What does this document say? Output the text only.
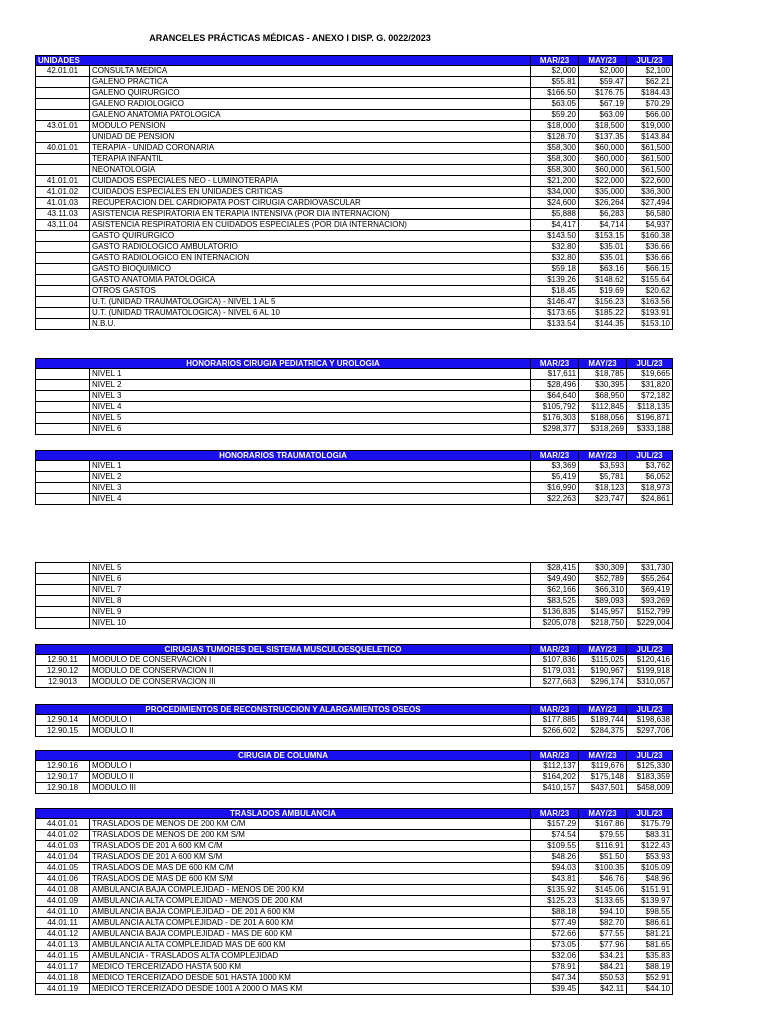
ARANCELES PRÁCTICAS MÉDICAS - ANEXO I DISP. G. 0022/2023
UNIDADES		MAR/23	MAY/23	JUL/23
42.01.01	CONSULTA MEDICA	$2,000	$2,000	$2,100
	GALENO PRACTICA	$55.81	$59.47	$62.21
	GALENO QUIRURGICO	$166.50	$176.75	$184.43
	GALENO RADIOLOGICO	$63.05	$67.19	$70.29
	GALENO ANATOMIA PATOLOGICA	$59.20	$63.09	$66.00
43.01.01	MODULO PENSION	$18,000	$18,500	$19,000
	UNIDAD DE PENSION	$128.70	$137.35	$143.84
40.01.01	TERAPIA - UNIDAD CORONARIA	$58,300	$60,000	$61,500
	TERAPIA INFANTIL	$58,300	$60,000	$61,500
	NEONATOLOGIA	$58,300	$60,000	$61,500
41.01.01	CUIDADOS ESPECIALES NEO - LUMINOTERAPIA	$21,200	$22,000	$22,600
41.01.02	CUIDADOS ESPECIALES EN UNIDADES CRITICAS	$34,000	$35,000	$36,300
41.01.03	RECUPERACION DEL CARDIOPATA POST CIRUGIA CARDIOVASCULAR	$24,600	$26,264	$27,494
43.11.03	ASISTENCIA RESPIRATORIA EN TERAPIA INTENSIVA (POR DIA INTERNACION)	$5,888	$6,283	$6,580
43.11.04	ASISTENCIA RESPIRATORIA EN CUIDADOS ESPECIALES (POR DIA INTERNACION)	$4,417	$4,714	$4,937
	GASTO QUIRURGICO	$143.50	$153.15	$160.38
	GASTO RADIOLOGICO AMBULATORIO	$32.80	$35.01	$36.66
	GASTO RADIOLOGICO EN INTERNACION	$32.80	$35.01	$36.66
	GASTO BIOQUIMICO	$59.18	$63.16	$66.15
	GASTO ANATOMIA PATOLOGICA	$139.26	$148.62	$155.64
	OTROS GASTOS	$18.45	$19.69	$20.62
	U.T. (UNIDAD TRAUMATOLOGICA) - NIVEL 1 AL 5	$146.47	$156.23	$163.56
	U.T. (UNIDAD TRAUMATOLOGICA) - NIVEL 6 AL 10	$173.65	$185.22	$193.91
	N.B.U.	$133.54	$144.35	$153.10
HONORARIOS CIRUGIA PEDIATRICA Y UROLOGIA		MAR/23	MAY/23	JUL/23
	NIVEL 1	$17,611	$18,785	$19,665
	NIVEL 2	$28,496	$30,395	$31,820
	NIVEL 3	$64,640	$68,950	$72,182
	NIVEL 4	$105,792	$112,845	$118,135
	NIVEL 5	$176,303	$188,056	$196,871
	NIVEL 6	$298,377	$318,269	$333,188
HONORARIOS TRAUMATOLOGIA		MAR/23	MAY/23	JUL/23
	NIVEL 1	$3,369	$3,593	$3,762
	NIVEL 2	$5,419	$5,781	$6,052
	NIVEL 3	$16,990	$18,123	$18,973
	NIVEL 4	$22,263	$23,747	$24,861
	NIVEL 5	$28,415	$30,309	$31,730
	NIVEL 6	$49,490	$52,789	$55,264
	NIVEL 7	$62,166	$66,310	$69,419
	NIVEL 8	$83,525	$89,093	$93,269
	NIVEL 9	$136,835	$145,957	$152,799
	NIVEL 10	$205,078	$218,750	$229,004
CIRUGIAS TUMORES DEL SISTEMA MUSCULOESQUELETICO		MAR/23	MAY/23	JUL/23
12.90.11	MODULO DE CONSERVACION I	$107,836	$115,025	$120,416
12.90.12	MODULO DE CONSERVACION II	$179,031	$190,967	$199,918
12.9013	MODULO DE CONSERVACION III	$277,663	$296,174	$310,057
PROCEDIMIENTOS DE RECONSTRUCCION Y ALARGAMIENTOS OSEOS		MAR/23	MAY/23	JUL/23
12.90.14	MODULO I	$177,885	$189,744	$198,638
12.90.15	MODULO II	$266,602	$284,375	$297,706
CIRUGIA DE COLUMNA		MAR/23	MAY/23	JUL/23
12.90.16	MODULO I	$112,137	$119,676	$125,330
12.90.17	MODULO II	$164,202	$175,148	$183,359
12.90.18	MODULO III	$410,157	$437,501	$458,009
TRASLADOS AMBULANCIA		MAR/23	MAY/23	JUL/23
44.01.01	TRASLADOS DE MENOS DE 200 KM C/M	$157.29	$167.86	$175.79
44.01.02	TRASLADOS DE MENOS DE 200 KM S/M	$74.54	$79.55	$83.31
44.01.03	TRASLADOS DE 201 A 600 KM C/M	$109.55	$116.91	$122.43
44.01.04	TRASLADOS DE 201 A 600 KM S/M	$48.26	$51.50	$53.93
44.01.05	TRASLADOS DE MAS DE 600 KM C/M	$94.03	$100.35	$105.09
44.01.06	TRASLADOS DE MAS DE 600 KM S/M	$43.81	$46.76	$48.96
44.01.08	AMBULANCIA BAJA COMPLEJIDAD - MENOS DE 200 KM	$135.92	$145.06	$151.91
44.01.09	AMBULANCIA ALTA COMPLEJIDAD - MENOS DE 200 KM	$125.23	$133.65	$139.97
44.01.10	AMBULANCIA BAJA COMPLEJIDAD - DE 201 A 600 KM	$88.18	$94.10	$98.55
44.01.11	AMBULANCIA ALTA COMPLEJIDAD - DE 201 A 600 KM	$77.49	$82.70	$86.61
44.01.12	AMBULANCIA BAJA COMPLEJIDAD - MAS DE 600 KM	$72.66	$77.55	$81.21
44.01.13	AMBULANCIA ALTA COMPLEJIDAD MAS DE 600 KM	$73.05	$77.96	$81.65
44.01.15	AMBULANCIA - TRASLADOS ALTA COMPLEJIDAD	$32.06	$34.21	$35.83
44.01.17	MEDICO TERCERIZADO HASTA 500 KM	$78.91	$84.21	$88.19
44.01.18	MEDICO TERCERIZADO DESDE 501 HASTA 1000 KM	$47.34	$50.53	$52.91
44.01.19	MEDICO TERCERIZADO DESDE 1001 A 2000 O MAS KM	$39.45	$42.11	$44.10
